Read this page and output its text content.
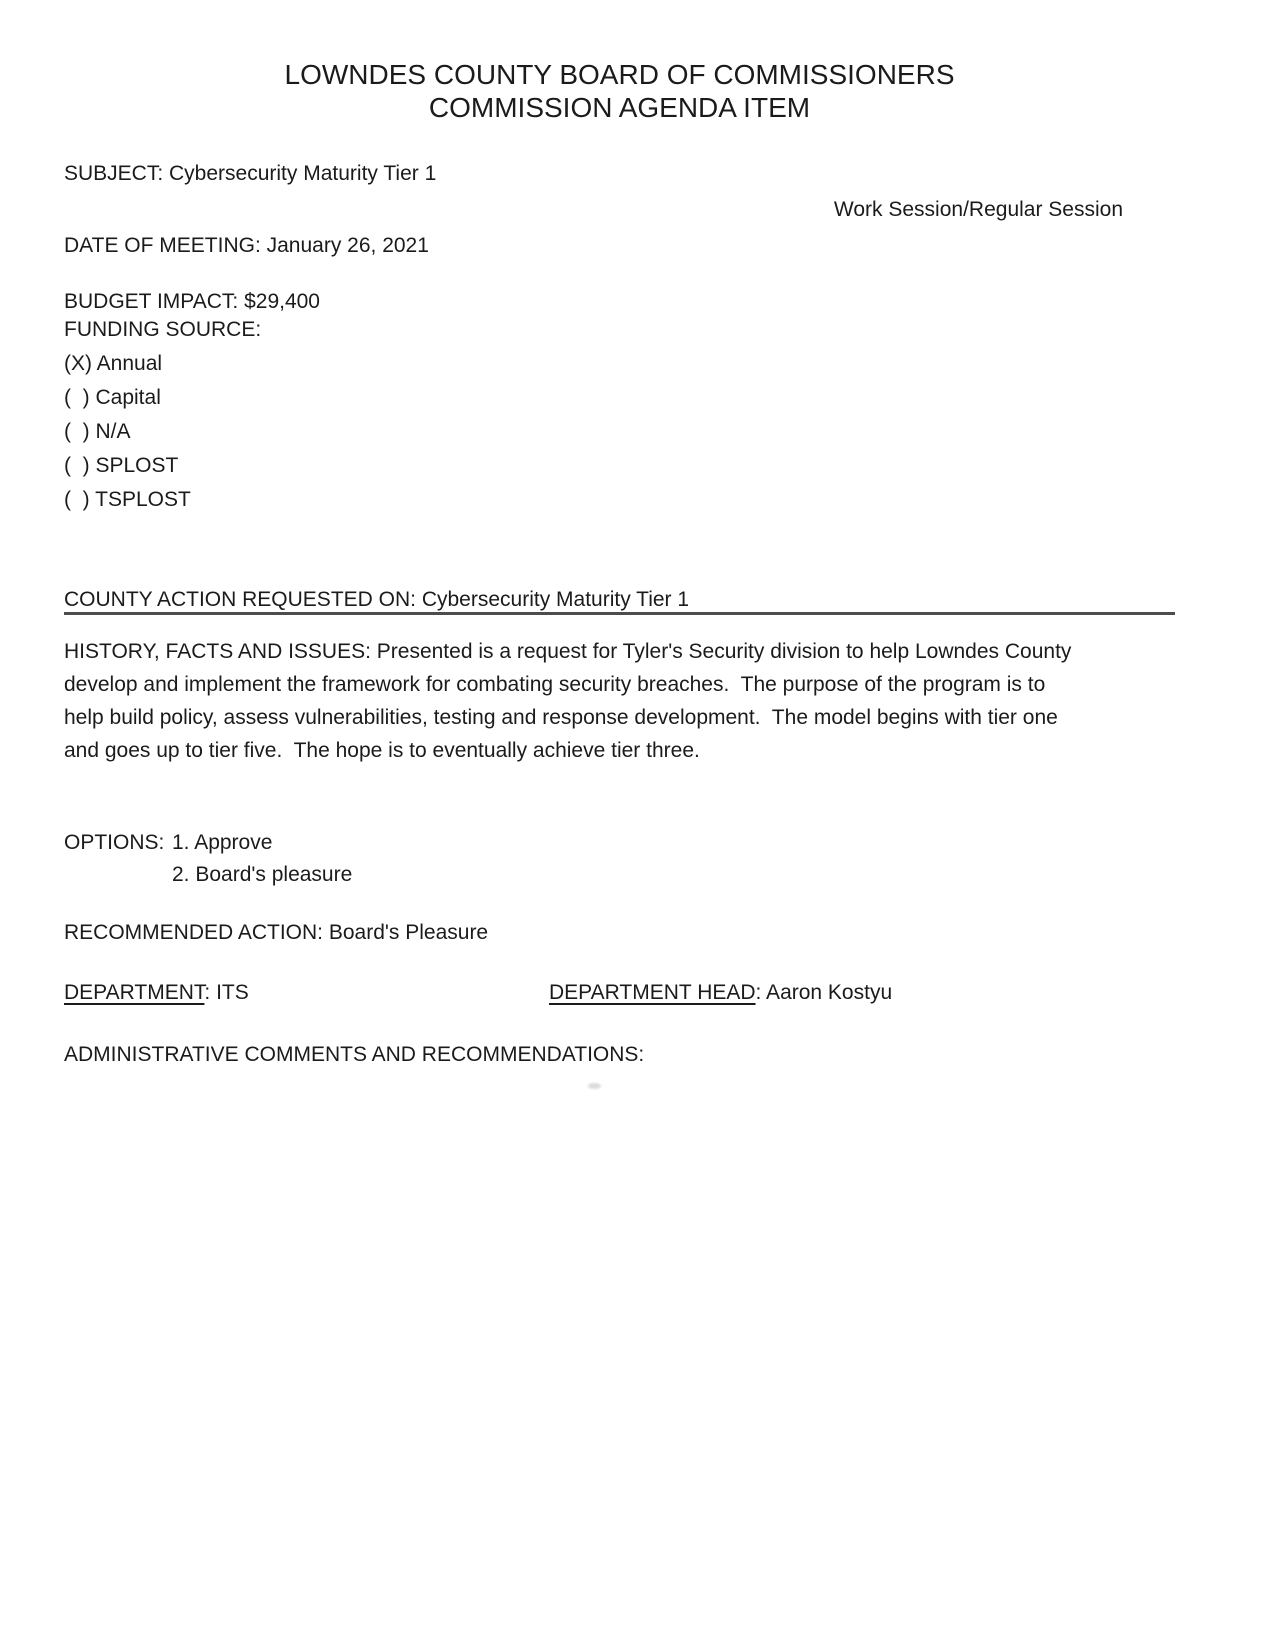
LOWNDES COUNTY BOARD OF COMMISSIONERS
COMMISSION AGENDA ITEM
SUBJECT: Cybersecurity Maturity Tier 1
Work Session/Regular Session
DATE OF MEETING: January 26, 2021
BUDGET IMPACT: $29,400
FUNDING SOURCE:
(X) Annual
(  ) Capital
(  ) N/A
(  ) SPLOST
(  ) TSPLOST
COUNTY ACTION REQUESTED ON: Cybersecurity Maturity Tier 1
HISTORY, FACTS AND ISSUES: Presented is a request for Tyler's Security division to help Lowndes County
develop and implement the framework for combating security breaches.  The purpose of the program is to
help build policy, assess vulnerabilities, testing and response development.  The model begins with tier one
and goes up to tier five.  The hope is to eventually achieve tier three.
OPTIONS: 1. Approve
2. Board's pleasure
RECOMMENDED ACTION: Board's Pleasure
DEPARTMENT: ITS	DEPARTMENT HEAD: Aaron Kostyu
ADMINISTRATIVE COMMENTS AND RECOMMENDATIONS:
